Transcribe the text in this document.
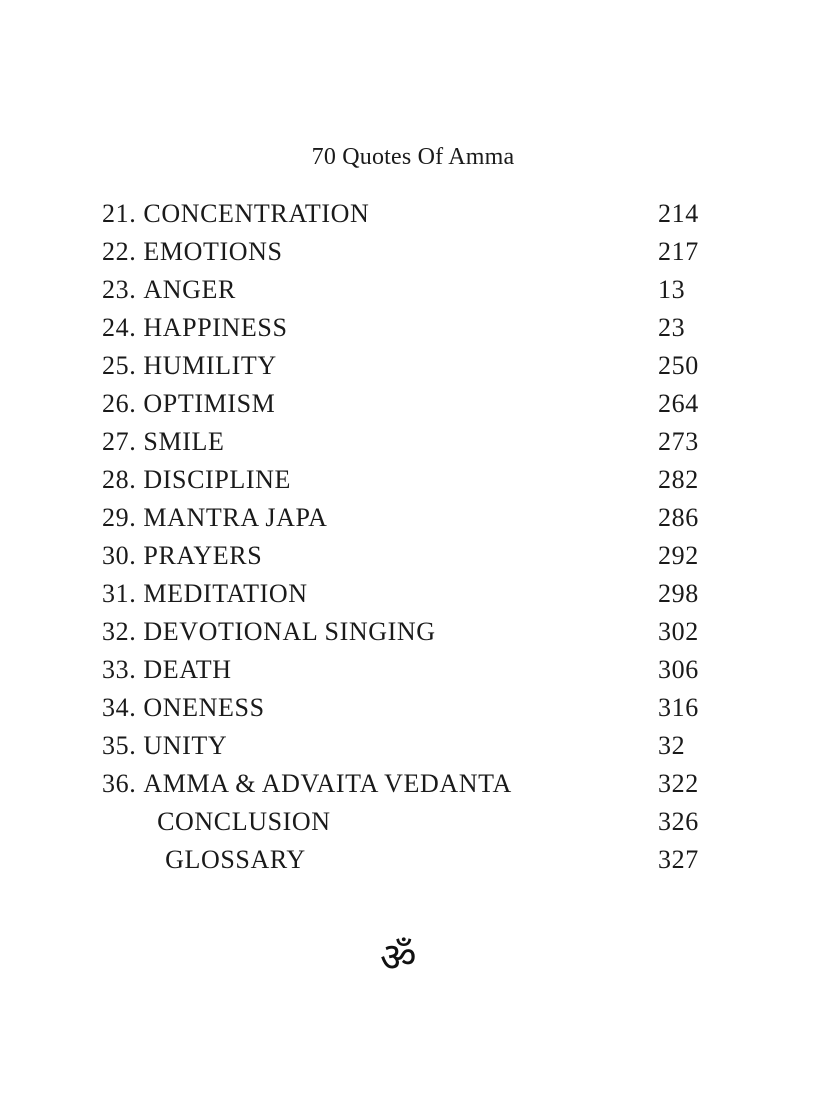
70 Quotes Of Amma
21. CONCENTRATION	214
22. EMOTIONS	217
23. ANGER	13
24. HAPPINESS	23
25. HUMILITY	250
26. OPTIMISM	264
27. SMILE	273
28. DISCIPLINE	282
29. MANTRA JAPA	286
30. PRAYERS	292
31. MEDITATION	298
32. DEVOTIONAL SINGING	302
33. DEATH	306
34. ONENESS	316
35. UNITY	32
36. AMMA & ADVAITA VEDANTA	322
CONCLUSION	326
GLOSSARY	327
ॐ
